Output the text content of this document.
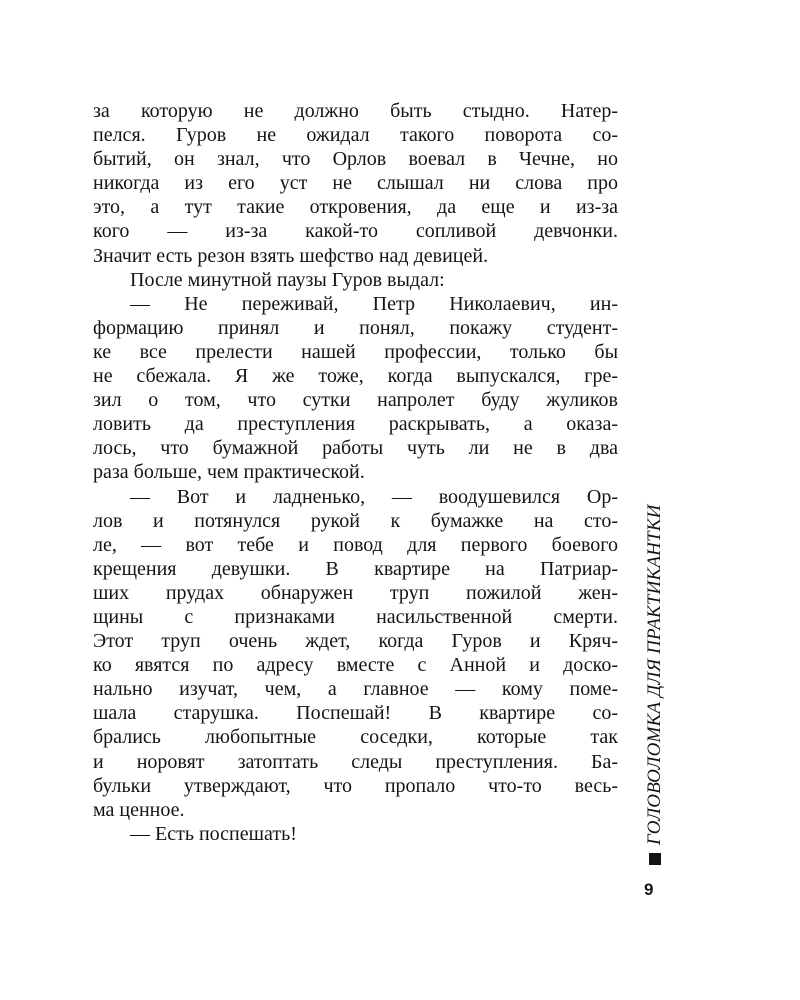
за которую не должно быть стыдно. Натер-
пелся. Гуров не ожидал такого поворота со-
бытий, он знал, что Орлов воевал в Чечне, но
никогда из его уст не слышал ни слова про
это, а тут такие откровения, да еще и из-за
кого — из-за какой-то сопливой девчонки.
Значит есть резон взять шефство над девицей.
После минутной паузы Гуров выдал:
— Не переживай, Петр Николаевич, ин-
формацию принял и понял, покажу студент-
ке все прелести нашей профессии, только бы
не сбежала. Я же тоже, когда выпускался, гре-
зил о том, что сутки напролет буду жуликов
ловить да преступления раскрывать, а оказа-
лось, что бумажной работы чуть ли не в два
раза больше, чем практической.
— Вот и ладненько, — воодушевился Ор-
лов и потянулся рукой к бумажке на сто-
ле, — вот тебе и повод для первого боевого
крещения девушки. В квартире на Патриар-
ших прудах обнаружен труп пожилой жен-
щины с признаками насильственной смерти.
Этот труп очень ждет, когда Гуров и Кряч-
ко явятся по адресу вместе с Анной и доско-
нально изучат, чем, а главное — кому поме-
шала старушка. Поспешай! В квартире со-
брались любопытные соседки, которые так
и норовят затоптать следы преступления. Ба-
бульки утверждают, что пропало что-то весь-
ма ценное.
— Есть поспешать!	ГОЛОВОЛОМКА ДЛЯ ПРАКТИКАНТКИ
9
